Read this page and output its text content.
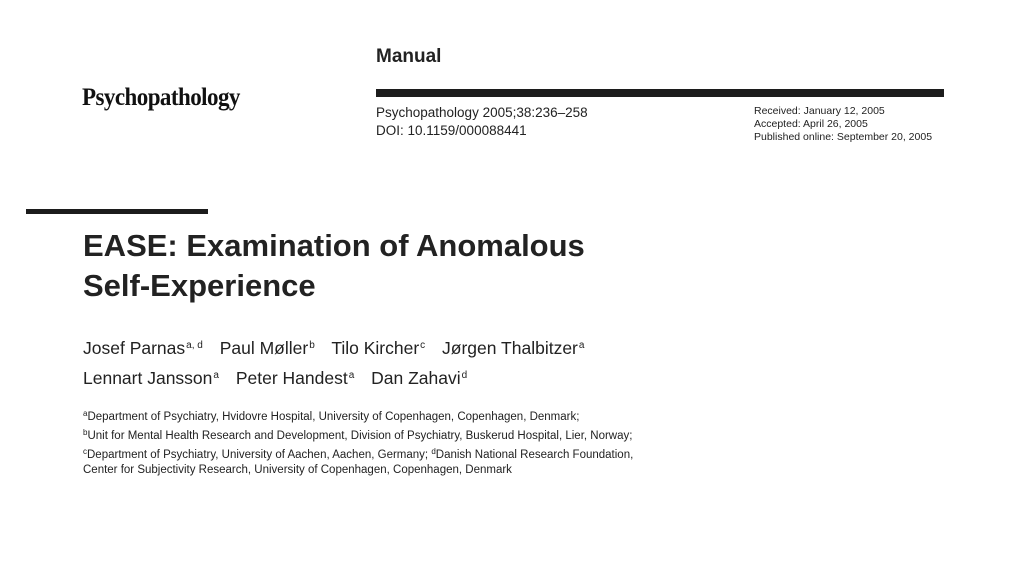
Psychopathology
Manual
Psychopathology 2005;38:236–258
DOI: 10.1159/000088441
Received: January 12, 2005
Accepted: April 26, 2005
Published online: September 20, 2005
EASE: Examination of Anomalous
Self-Experience
Josef Parnas$^{a, d}$ Paul Møller$^b$ Tilo Kircher$^c$ Jørgen Thalbitzer$^a$
Lennart Jansson$^a$ Peter Handest$^a$ Dan Zahavi$^d$
$^a$Department of Psychiatry, Hvidovre Hospital, University of Copenhagen, Copenhagen, Denmark;
$^b$Unit for Mental Health Research and Development, Division of Psychiatry, Buskerud Hospital, Lier, Norway;
$^c$Department of Psychiatry, University of Aachen, Aachen, Germany; $^d$Danish National Research Foundation,
Center for Subjectivity Research, University of Copenhagen, Copenhagen, Denmark
